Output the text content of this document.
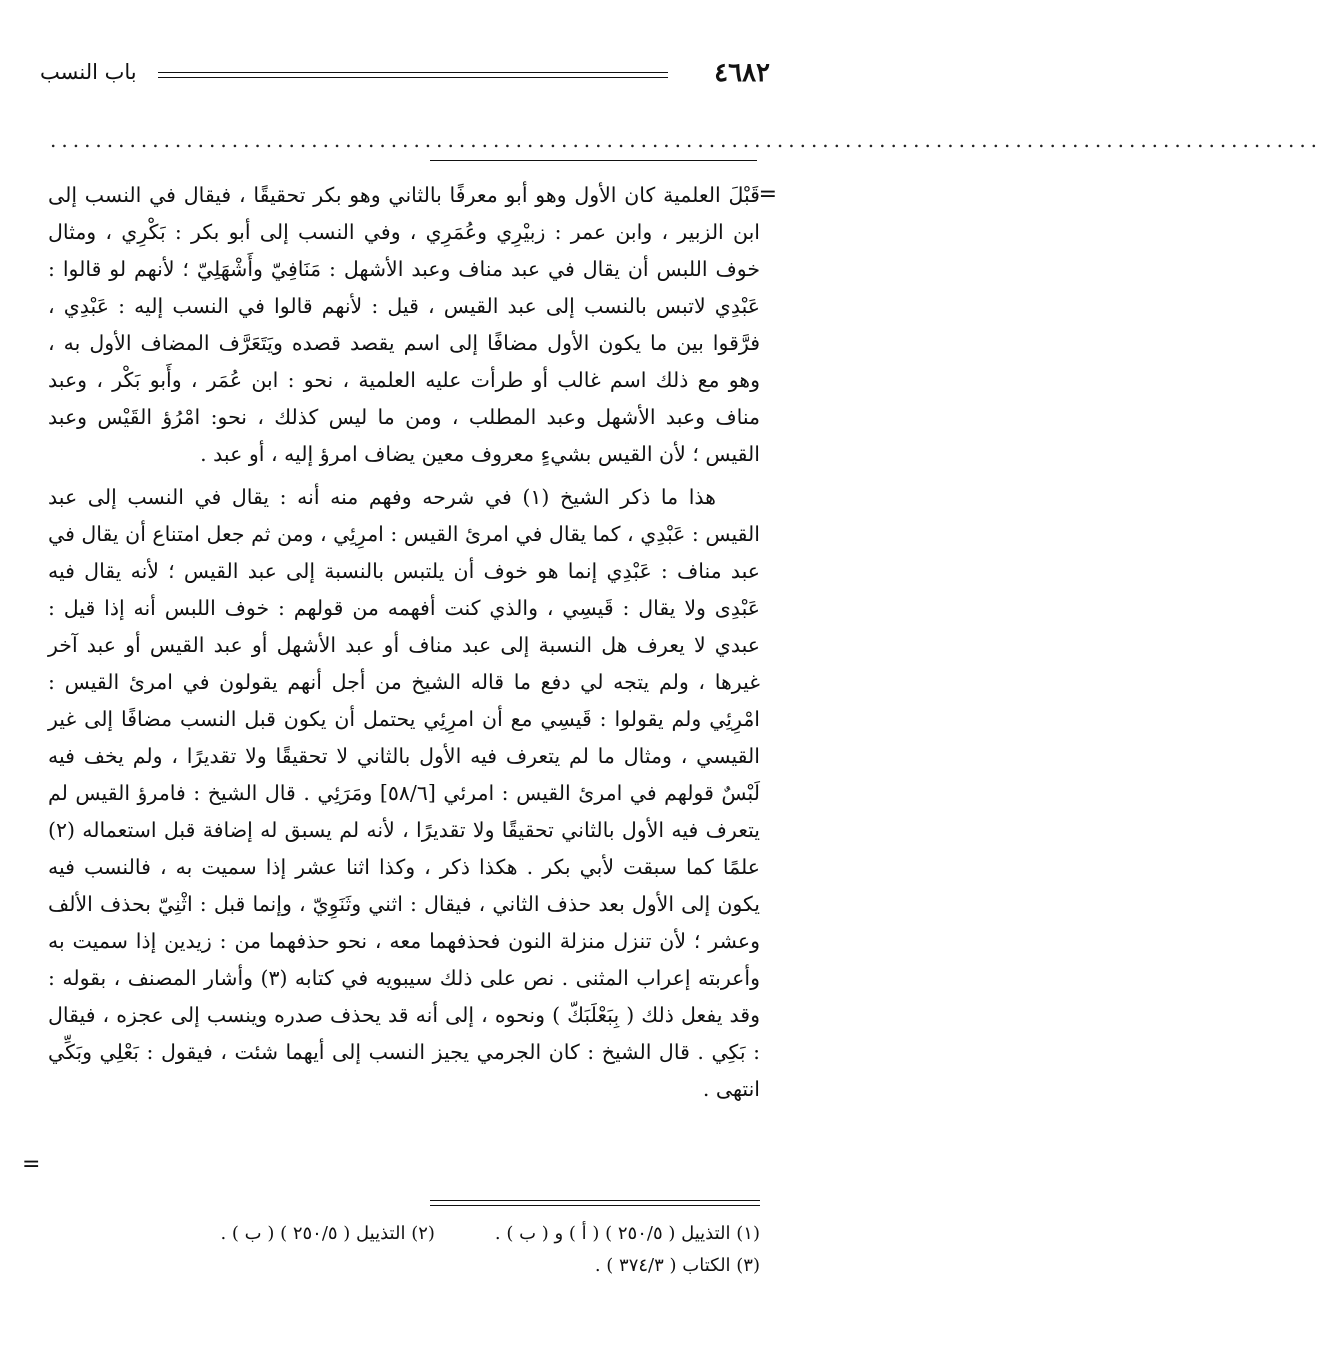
٤٦٨٢
باب النسب
................................................................................................................
=

قَبْلَ العلمية كان الأول وهو أبو معرفًا بالثاني وهو بكر تحقيقًا ، فيقال في النسب إلى ابن الزبير ، وابن عمر : زبيْرِي وعُمَرِي ، وفي النسب إلى أبو بكر : بَكْرِي ، ومثال خوف اللبس أن يقال في عبد مناف وعبد الأشهل : مَنَافِيّ وأَشْهَلِيّ ؛ لأنهم لو قالوا : عَبْدِي لاتبس بالنسب إلى عبد القيس ، قيل : لأنهم قالوا في النسب إليه : عَبْدِي ، فرَّقوا بين ما يكون الأول مضافًا إلى اسم يقصد قصده ويَتَعَرَّف المضاف الأول به ، وهو مع ذلك اسم غالب أو طرأت عليه العلمية ، نحو : ابن عُمَر ، وأَبو بَكْر ، وعبد مناف وعبد الأشهل وعبد المطلب ، ومن ما ليس كذلك ، نحو: امْرُؤ القَيْس وعبد القيس ؛ لأن القيس بشيءٍ معروف معين يضاف امرؤ إليه ، أو عبد .

هذا ما ذكر الشيخ (١) في شرحه وفهم منه أنه : يقال في النسب إلى عبد القيس : عَبْدِي ، كما يقال في امرئ القيس : امرِئِي ، ومن ثم جعل امتناع أن يقال في عبد مناف : عَبْدِي إنما هو خوف أن يلتبس بالنسبة إلى عبد القيس ؛ لأنه يقال فيه عَبْدِى ولا يقال : قَيسِي ، والذي كنت أفهمه من قولهم : خوف اللبس أنه إذا قيل : عبدي لا يعرف هل النسبة إلى عبد مناف أو عبد الأشهل أو عبد القيس أو عبد آخر غيرها ، ولم يتجه لي دفع ما قاله الشيخ من أجل أنهم يقولون في امرئ القيس : امْرِئِي ولم يقولوا : قَيسِي مع أن امرِئِي يحتمل أن يكون قبل النسب مضافًا إلى غير القيسي ، ومثال ما لم يتعرف فيه الأول بالثاني لا تحقيقًا ولا تقديرًا ، ولم يخف فيه لَبْسٌ قولهم في امرئ القيس : امرئي [٥٨/٦] ومَرَئِي . قال الشيخ : فامرؤ القيس لم يتعرف فيه الأول بالثاني تحقيقًا ولا تقديرًا ، لأنه لم يسبق له إضافة قبل استعماله (٢) علمًا كما سبقت لأبي بكر . هكذا ذكر ، وكذا اثنا عشر إذا سميت به ، فالنسب فيه يكون إلى الأول بعد حذف الثاني ، فيقال : اثني وثَنَوِيّ ، وإنما قبل : اثْنِيّ بحذف الألف وعشر ؛ لأن تنزل منزلة النون فحذفهما معه ، نحو حذفهما من : زيدين إذا سميت به وأعربته إعراب المثنى . نص على ذلك سيبويه في كتابه (٣) وأشار المصنف ، بقوله : وقد يفعل ذلك ( بِبَعْلَبَكّ ) ونحوه ، إلى أنه قد يحذف صدره وينسب إلى عجزه ، فيقال : بَكِي . قال الشيخ : كان الجرمي يجيز النسب إلى أيهما شئت ، فيقول : بَعْلِي وبَكِّي انتهى .

=
(١) التذييل ( ٢٥٠/٥ ) ( أ ) و ( ب ) .
(٢) التذييل ( ٢٥٠/٥ ) ( ب ) .
(٣) الكتاب ( ٣٧٤/٣ ) .
